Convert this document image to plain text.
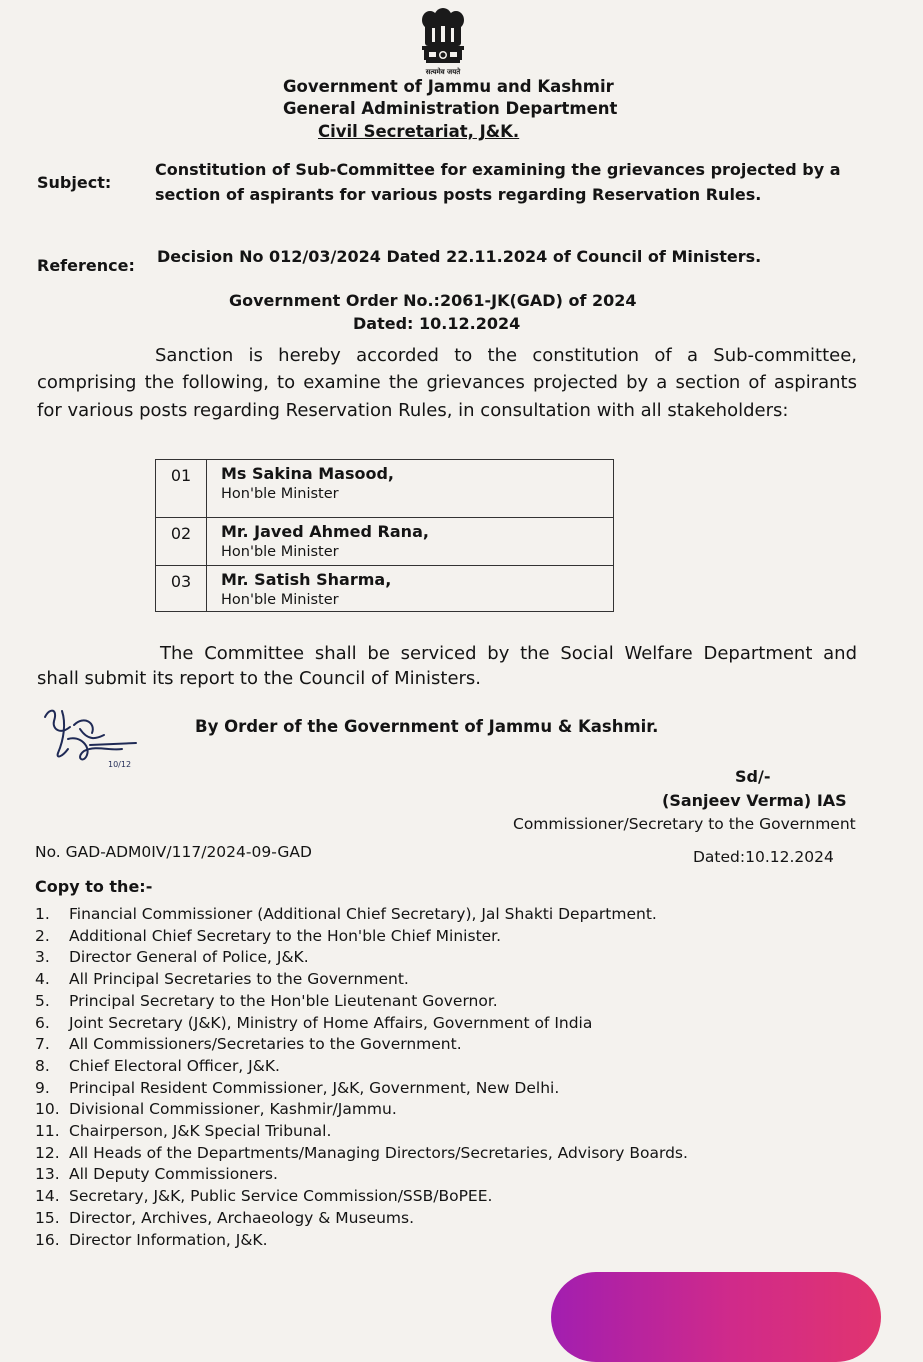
सत्यमेव जयते
Government of Jammu and Kashmir
General Administration Department
Civil Secretariat, J&K.
Subject:
Constitution of Sub-Committee for examining the grievances projected by a
section of aspirants for various posts regarding Reservation Rules.
Reference: Decision No 012/03/2024 Dated 22.11.2024 of Council of Ministers.
Government Order No.:2061-JK(GAD) of 2024
Dated: 10.12.2024
Sanction is hereby accorded to the constitution of a Sub-committee,
comprising the following, to examine the grievances projected by a section of aspirants
for various posts regarding Reservation Rules, in consultation with all stakeholders:
01	Ms Sakina Masood,
Hon'ble Minister

02	Mr. Javed Ahmed Rana,
Hon'ble Minister

03	Mr. Satish Sharma,
Hon'ble Minister
The Committee shall be serviced by the Social Welfare Department and
shall submit its report to the Council of Ministers.
10/12
By Order of the Government of Jammu & Kashmir.
Sd/-
(Sanjeev Verma) IAS
Commissioner/Secretary to the Government
No. GAD-ADM0IV/117/2024-09-GAD	Dated:10.12.2024
Copy to the:-
1. Financial Commissioner (Additional Chief Secretary), Jal Shakti Department.
2. Additional Chief Secretary to the Hon'ble Chief Minister.
3. Director General of Police, J&K.
4. All Principal Secretaries to the Government.
5. Principal Secretary to the Hon'ble Lieutenant Governor.
6. Joint Secretary (J&K), Ministry of Home Affairs, Government of India
7. All Commissioners/Secretaries to the Government.
8. Chief Electoral Officer, J&K.
9. Principal Resident Commissioner, J&K, Government, New Delhi.
10. Divisional Commissioner, Kashmir/Jammu.
11. Chairperson, J&K Special Tribunal.
12. All Heads of the Departments/Managing Directors/Secretaries, Advisory Boards.
13. All Deputy Commissioners.
14. Secretary, J&K, Public Service Commission/SSB/BoPEE.
15. Director, Archives, Archaeology & Museums.
16. Director Information, J&K.
